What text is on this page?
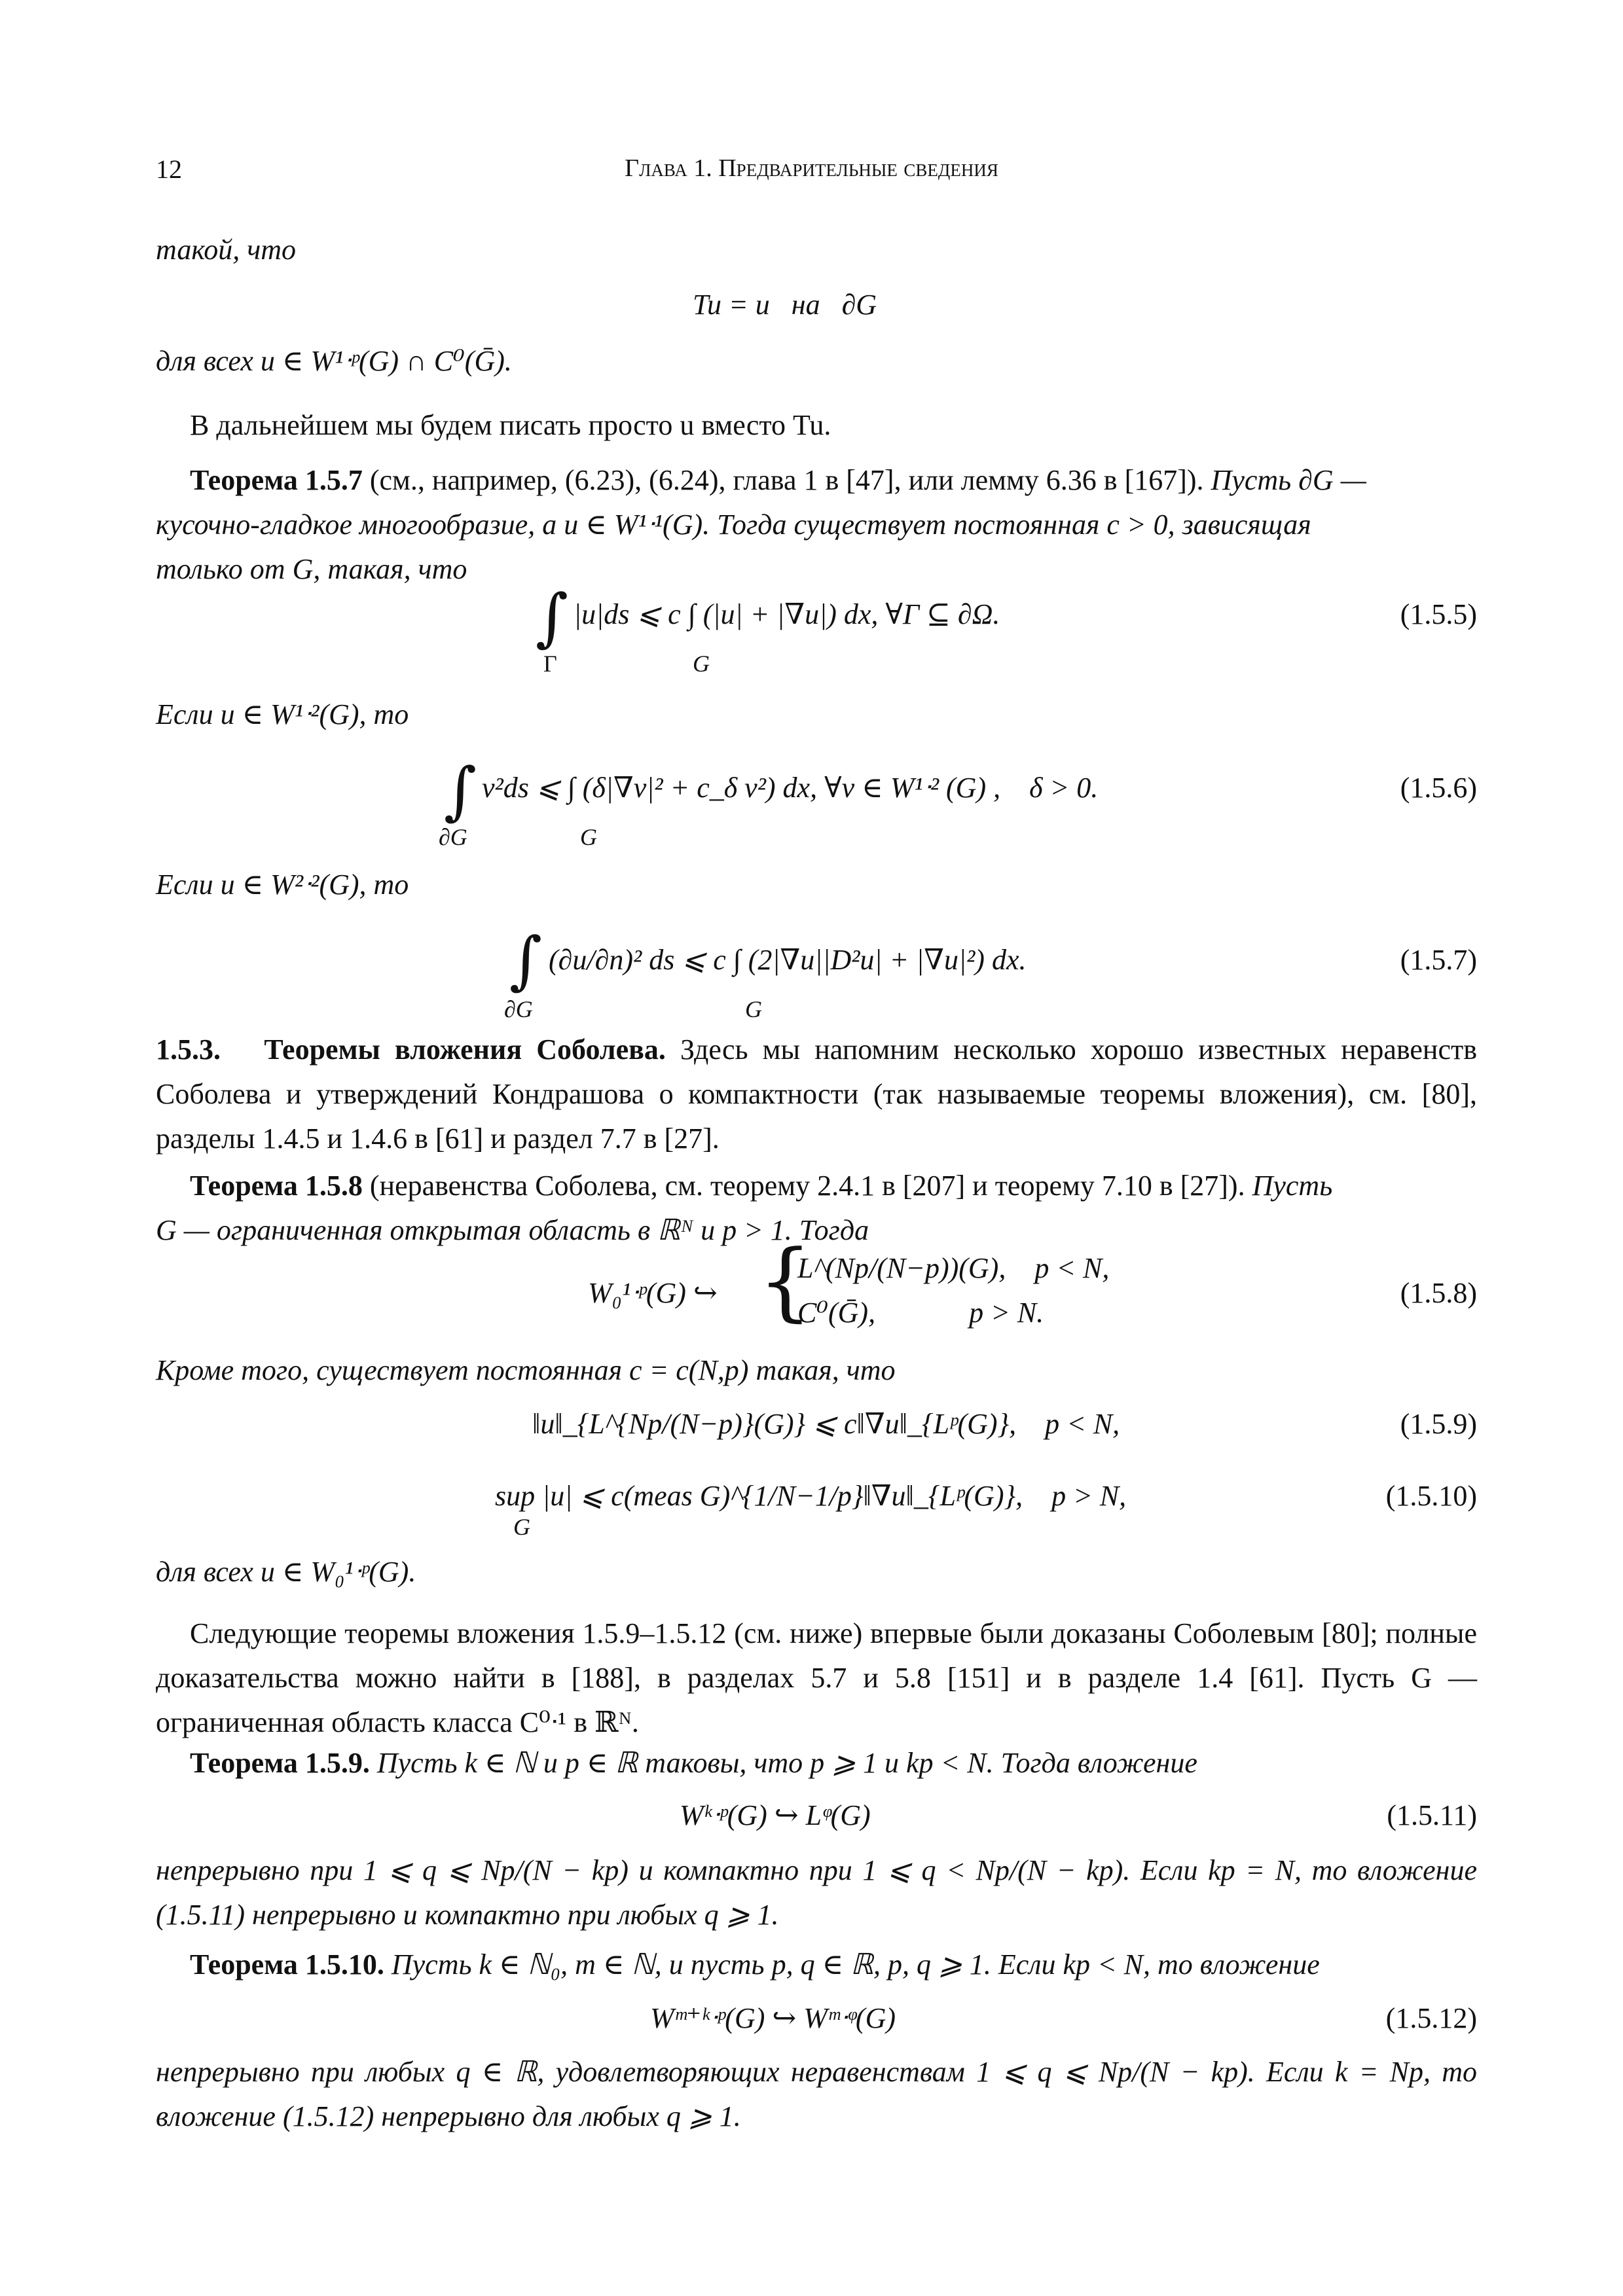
12	Глава 1. Предварительные сведения
такой, что
Tu = u   на   ∂G
для всех u ∈ W¹ᐧᵖ(G) ∩ C⁰(Ḡ).
В дальнейшем мы будем писать просто u вместо Tu.
Теорема 1.5.7 (см., например, (6.23), (6.24), глава 1 в [47], или лемму 6.36 в [167]). Пусть ∂G —
кусочно-гладкое многообразие, а u ∈ W¹ᐧ¹(G). Тогда существует постоянная c > 0, зависящая
только от G, такая, что
∫
Γ
|u|ds ⩽ c ∫ (|u| + |∇u|) dx, ∀Γ ⊆ ∂Ω.
G
(1.5.5)
Если u ∈ W¹ᐧ²(G), то
∫
∂G
v²ds ⩽ ∫ (δ|∇v|² + c_δ v²) dx, ∀v ∈ W¹ᐧ² (G) ,    δ > 0.
G
(1.5.6)
Если u ∈ W²ᐧ²(G), то
∫
∂G
(∂u/∂n)² ds ⩽ c ∫ (2|∇u||D²u| + |∇u|²) dx.
G
(1.5.7)
1.5.3.   Теоремы вложения Соболева. Здесь мы напомним несколько хорошо известных неравенств Соболева и утверждений Кондрашова о компактности (так называемые теоремы вложения), см. [80], разделы 1.4.5 и 1.4.6 в [61] и раздел 7.7 в [27].
Теорема 1.5.8 (неравенства Соболева, см. теорему 2.4.1 в [207] и теорему 7.10 в [27]). Пусть
G — ограниченная открытая область в ℝᴺ и p > 1. Тогда
W₀¹ᐧᵖ(G) ↪ {
L^(Np/(N−p))(G),    p < N,
C⁰(Ḡ),             p > N.
(1.5.8)
Кроме того, существует постоянная c = c(N,p) такая, что
‖u‖_{L^{Np/(N−p)}(G)} ⩽ c‖∇u‖_{Lᵖ(G)},    p < N,	(1.5.9)
sup |u| ⩽ c(meas G)^{1/N−1/p}‖∇u‖_{Lᵖ(G)},    p > N,
G
(1.5.10)
для всех u ∈ W₀¹ᐧᵖ(G).
Следующие теоремы вложения 1.5.9–1.5.12 (см. ниже) впервые были доказаны Соболевым [80]; полные доказательства можно найти в [188], в разделах 5.7 и 5.8 [151] и в разделе 1.4 [61]. Пусть G — ограниченная область класса C⁰ᐧ¹ в ℝᴺ.
Теорема 1.5.9. Пусть k ∈ ℕ и p ∈ ℝ таковы, что p ⩾ 1 и kp < N. Тогда вложение
Wᵏᐧᵖ(G) ↪ Lᵠ(G)	(1.5.11)
непрерывно при 1 ⩽ q ⩽ Np/(N − kp) и компактно при 1 ⩽ q < Np/(N − kp). Если kp = N, то вложение (1.5.11) непрерывно и компактно при любых q ⩾ 1.
Теорема 1.5.10. Пусть k ∈ ℕ₀, m ∈ ℕ, и пусть p, q ∈ ℝ, p, q ⩾ 1. Если kp < N, то вложение
Wᵐ⁺ᵏᐧᵖ(G) ↪ Wᵐᐧᵠ(G)	(1.5.12)
непрерывно при любых q ∈ ℝ, удовлетворяющих неравенствам 1 ⩽ q ⩽ Np/(N − kp). Если k = Np, то вложение (1.5.12) непрерывно для любых q ⩾ 1.
